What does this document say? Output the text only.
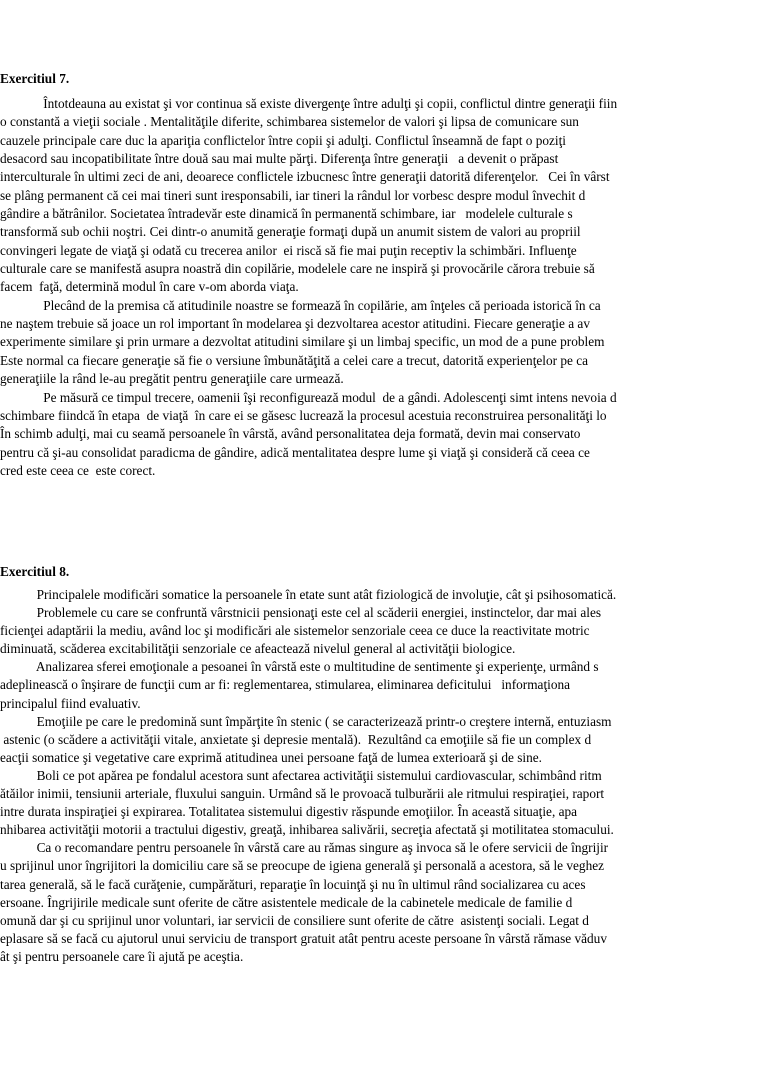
Exercitiul 7.

Întotdeauna au existat şi vor continua să existe divergenţe între adulţi şi copii, conflictul dintre generaţii fiin
o constantă a vieţii sociale . Mentalităţile diferite, schimbarea sistemelor de valori şi lipsa de comunicare sun
cauzele principale care duc la apariţia conflictelor între copii şi adulţi. Conflictul înseamnă de fapt o poziţi
desacord sau incopatibilitate între două sau mai multe părţi. Diferenţa între generaţii   a devenit o prăpast
interculturale în ultimi zeci de ani, deoarece conflictele izbucnesc între generaţii datorită diferenţelor.   Cei în vârst
se plâng permanent că cei mai tineri sunt iresponsabili, iar tineri la rândul lor vorbesc despre modul învechit d
gândire a bătrânilor. Societatea întradevăr este dinamică în permanentă schimbare, iar   modelele culturale s
transformă sub ochii noştri. Cei dintr-o anumită generaţie formaţi după un anumit sistem de valori au propriil
convingeri legate de viaţă şi odată cu trecerea anilor  ei riscă să fie mai puţin receptiv la schimbări. Influenţe
culturale care se manifestă asupra noastră din copilărie, modelele care ne inspiră şi provocările cărora trebuie să
facem  faţă, determină modul în care v-om aborda viaţa.
Plecând de la premisa că atitudinile noastre se formează în copilărie, am înţeles că perioada istorică în ca
ne naştem trebuie să joace un rol important în modelarea şi dezvoltarea acestor atitudini. Fiecare generaţie a av
experimente similare şi prin urmare a dezvoltat atitudini similare şi un limbaj specific, un mod de a pune problem
Este normal ca fiecare generaţie să fie o versiune îmbunătăţită a celei care a trecut, datorită experienţelor pe ca
generaţiile la rând le-au pregătit pentru generaţiile care urmează.
Pe măsură ce timpul trecere, oamenii îşi reconfigurează modul  de a gândi. Adolescenţi simt intens nevoia d
schimbare fiindcă în etapa  de viaţă  în care ei se găsesc lucrează la procesul acestuia reconstruirea personalităţi lo
În schimb adulţi, mai cu seamă persoanele în vârstă, având personalitatea deja formată, devin mai conservato
pentru că şi-au consolidat paradicma de gândire, adică mentalitatea despre lume şi viaţă şi consideră că ceea ce
cred este ceea ce  este corect.

Exercitiul 8.

Principalele modificări somatice la persoanele în etate sunt atât fiziologică de involuţie, cât şi psihosomatică.
Problemele cu care se confruntă vârstnicii pensionaţi este cel al scăderii energiei, instinctelor, dar mai ales
ficienţei adaptării la mediu, având loc şi modificări ale sistemelor senzoriale ceea ce duce la reactivitate motric
diminuată, scăderea excitabilităţii senzoriale ce afeactează nivelul general al activităţii biologice.
Analizarea sferei emoţionale a pesoanei în vârstă este o multitudine de sentimente şi experienţe, urmând s
adeplinească o înşirare de funcţii cum ar fi: reglementarea, stimularea, eliminarea deficitului   informaţiona
principalul fiind evaluativ.
Emoţiile pe care le predomină sunt împărţite în stenic ( se caracterizează printr-o creştere internă, entuziasm
astenic (o scădere a activităţii vitale, anxietate şi depresie mentală).  Rezultând ca emoţiile să fie un complex d
eacţii somatice şi vegetative care exprimă atitudinea unei persoane faţă de lumea exterioară şi de sine.
Boli ce pot apărea pe fondalul acestora sunt afectarea activităţii sistemului cardiovascular, schimbând ritm
ătăilor inimii, tensiunii arteriale, fluxului sanguin. Urmând să le provoacă tulburării ale ritmului respiraţiei, raport
intre durata inspiraţiei şi expirarea. Totalitatea sistemului digestiv răspunde emoţiilor. În această situaţie, apa
nhibarea activităţii motorii a tractului digestiv, greaţă, inhibarea salivării, secreţia afectată şi motilitatea stomacului.
Ca o recomandare pentru persoanele în vârstă care au rămas singure aş invoca să le ofere servicii de îngrijir
u sprijinul unor îngrijitori la domiciliu care să se preocupe de igiena generală şi personală a acestora, să le veghez
tarea generală, să le facă curăţenie, cumpărături, reparaţie în locuinţă şi nu în ultimul rând socializarea cu aces
ersoane. Îngrijirile medicale sunt oferite de către asistentele medicale de la cabinetele medicale de familie d
omună dar şi cu sprijinul unor voluntari, iar servicii de consiliere sunt oferite de către  asistenţi sociali. Legat d
eplasare să se facă cu ajutorul unui serviciu de transport gratuit atât pentru aceste persoane în vârstă rămase văduv
ât şi pentru persoanele care îi ajută pe aceştia.
